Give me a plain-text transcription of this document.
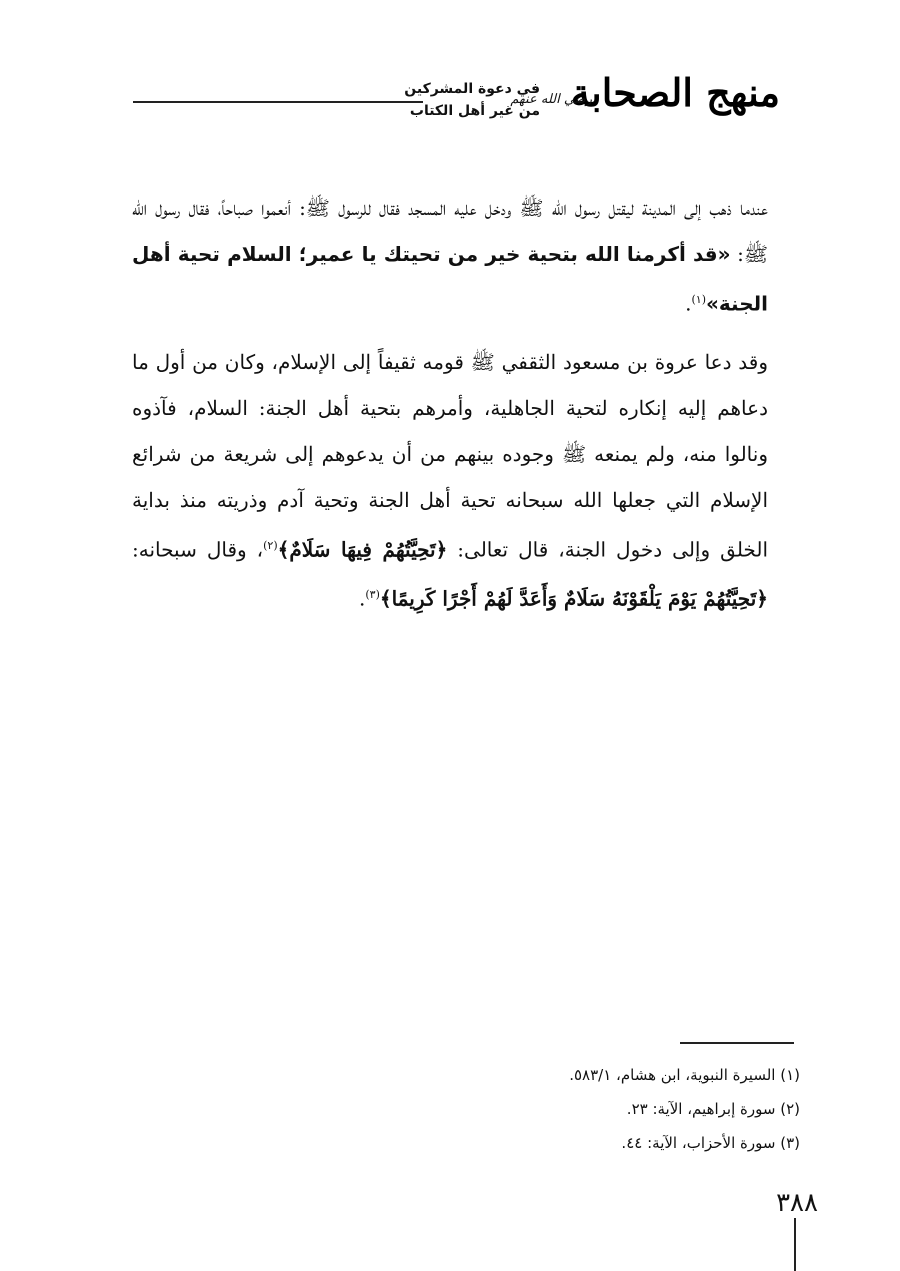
منهج الصحابة
رضي الله عنهم
في دعوة المشركين
من غير أهل الكتاب

عندما ذهب إلى المدينة ليقتل رسول الله ﷺ ودخل عليه المسجد فقال للرسول ﷺ: أنعموا صباحاً، فقال رسول الله ﷺ: «قد أكرمنا الله بتحية خير من تحيتك يا عمير؛ السلام تحية أهل الجنة»$^{(١)}$.

وقد دعا عروة بن مسعود الثقفي ﷺ قومه ثقيفاً إلى الإسلام، وكان من أول ما دعاهم إليه إنكاره لتحية الجاهلية، وأمرهم بتحية أهل الجنة: السلام، فآذوه ونالوا منه، ولم يمنعه ﷺ وجوده بينهم من أن يدعوهم إلى شريعة من شرائع الإسلام التي جعلها الله سبحانه تحية أهل الجنة وتحية آدم وذريته منذ بداية الخلق وإلى دخول الجنة، قال تعالى: ﴿تَحِيَّتُهُمْ فِيهَا سَلَامٌ﴾$^{(٢)}$، وقال سبحانه: ﴿تَحِيَّتُهُمْ يَوْمَ يَلْقَوْنَهُ سَلَامٌ وَأَعَدَّ لَهُمْ أَجْرًا كَرِيمًا﴾$^{(٣)}$.

(١) السيرة النبوية، ابن هشام، ٥٨٣/١.
(٢) سورة إبراهيم، الآية: ٢٣.
(٣) سورة الأحزاب، الآية: ٤٤.
٣٨٨
